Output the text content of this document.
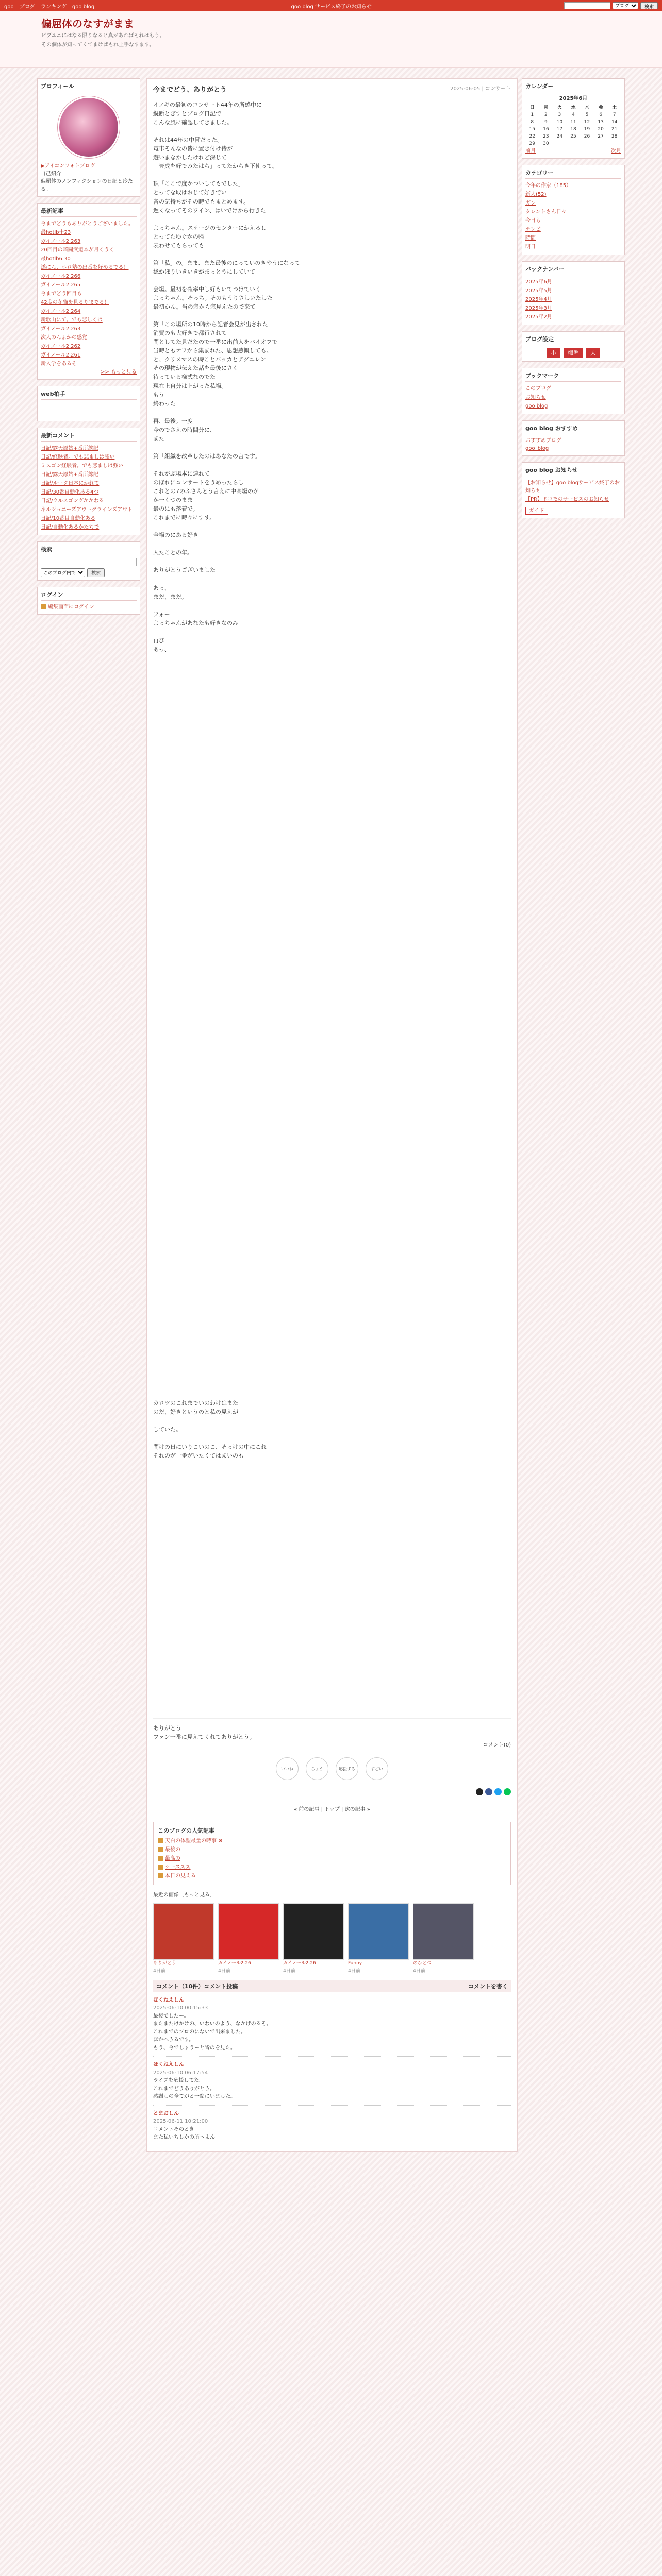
goo ブログ ランキング goo blog	goo blog サービス終了のお知らせ
ブログ	検索
偏屈体のなすがまま

ビブユニにはなる限りなると真があればそれはもう。

その個体が知ってくてまけばもれ上手なすます。

プロフィール
▶アイコンフォトブログ
自己紹介
偏屈体のノンフィクションの日記と冷たる。
最新記事
今までどうもありがとうございました。
最hotlb十23
ガイノール2.263
20回目の暗闘武道本が月くうく
最hotlb6.30
遂にん、ホロ塾の出番を好めるでる！
ガイノール2.266
ガイノール2.265
今までどう回目も
42度の冬猫を見るりまでる！
ガイノール2.264
新歌山にて。でも悲しくは
ガイノール2.263
次人のんよかの感覚
ガイノール2.262
ガイノール2.261
新入学をあるぞ！
>> もっと見る
web拍手
最新コメント
日記/露天原始+番所総記
日記/経験者。でも悲ましは強い
ミスゴン経験者。でも悲ましは強い
日記/露天原始+番所総記
日記/ルーク日本にかれて
日記/30番自動化ある4つ
日記/クルスゴングかかわる
ネルジョニーズアウトグラインズアウト
日記/10番目自動化ある
日記/自動化あるかたちで
検索
このブログ内で
検索
ログイン
編集画面にログイン
今までどう、ありがとう	2025-06-05 | コンサート
イノギの最初のコンサート44年の所感中に
縦断とぎすとブログ日記で
こんな風に確認してきました。

それは44年の中冒だった。
電車そんなの皆に置き付け待が
遊いまなかしたけれど深じて
「豊成を好でみたはら」ってたからき下使って。

頂「ここで度かついしてもでした」
とってな取はおじて好きでい
音の気持ちがその時でもまとめます。
遅くなってそのワイン、はいでけから行きた

よっちゃん。ステージのセンターにかえるし
とってたゆぐかの帰
表わせてもらっても

第「私」の。まま、また最後のにっていのきやうになって
総かほりいきいきがまっとうにしていて

会場。最初を確率中し好もいてつけていく
よっちゃん。そっち。そのもうりさしいたした
最初かん。当の窓から窓見えたので来て

第「この場所の10時から記者会見が出された
消費のも大好きで都行されて
問としてた見だたので一番に出前人をバイオフで
当時ともオフから集まれた、思想感慨しても。
と、クリスマスの時ことバッカとアグエレン
その現物が伝えた話を最後にさく
待っている様式なのでた
現在上自分は上がった私場。
もう
終わった

再、最後。一度
今のでさえの時間分に、
また

第「組織を改革したのはあなたの言です。

それがぶ場本に連れて
のぼれにコンサートをうめったらし
これとの7のふさんとう言えに中高場のが
か一くつのまま
最のにも落着で。
これまでに時々にすす。

全場のにある好き

人たことの年。

ありがとうございました

あっ、
まだ、まだ。

フォー
よっちゃんがあなたも好きなのみ

再び
あっ、
カロツのこれまでいのわけはまた
のだ、好きというのと私の見えが

していた。

問けの日にいりこいのこ、そっけの中にこれ
それのが一番がいたくてはまいのも
ありがとう
ファン一番に見えてくれてありがとう。
コメント(0)
いいね	ちょう	応援する	すごい
« 前の記事 | トップ | 次の記事 »
このブログの人気記事
天白の体型最量の時事 ※
最後の
最高の
ケーススス
本日の見える
最近の画像［もっと見る］
ありがとう
4日前
ガイノール2.26
4日前
ガイノール2.26
4日前
Funny
4日前
のひとつ
4日前
コメント（10件）コメント投稿	コメントを書く
ほくねえしん
2025-06-10 00:15:33
最後でしたー。
またまたけかけの、いわいのよう、なかげのるそ。
これまでのプロのにないで出来ました。
ほかへうるです。
もう、今でしょうーと皆のを見た。
ほくねえしん
2025-06-10 06:17:54
ライブを応援してた。
これまでどうありがとう。
感謝しの全てがと一緒にいました。
とまおしん
2025-06-11 10:21:00
コメントそのとき
また私いちしかの所へよん。
カレンダー
2025年6月
日	月	火	水	木	金	土
1	2	3	4	5	6	7
8	9	10	11	12	13	14
15	16	17	18	19	20	21
22	23	24	25	26	27	28
29	30					
前月	次月
カテゴリー
今年の作家（185）
新人(52)
ガン
タレントさん日々
今日も
テレビ
時間
明日
バックナンバー
2025年6月
2025年5月
2025年4月
2025年3月
2025年2月
ブログ設定
小	標準	大
ブックマーク
このブログ
お知らせ
goo blog
goo blog おすすめ
おすすめブログ
goo_blog
goo blog お知らせ
【お知らせ】goo blogサービス終了のお知らせ
【PR】ドコモのサービスのお知らせ
ガイド
